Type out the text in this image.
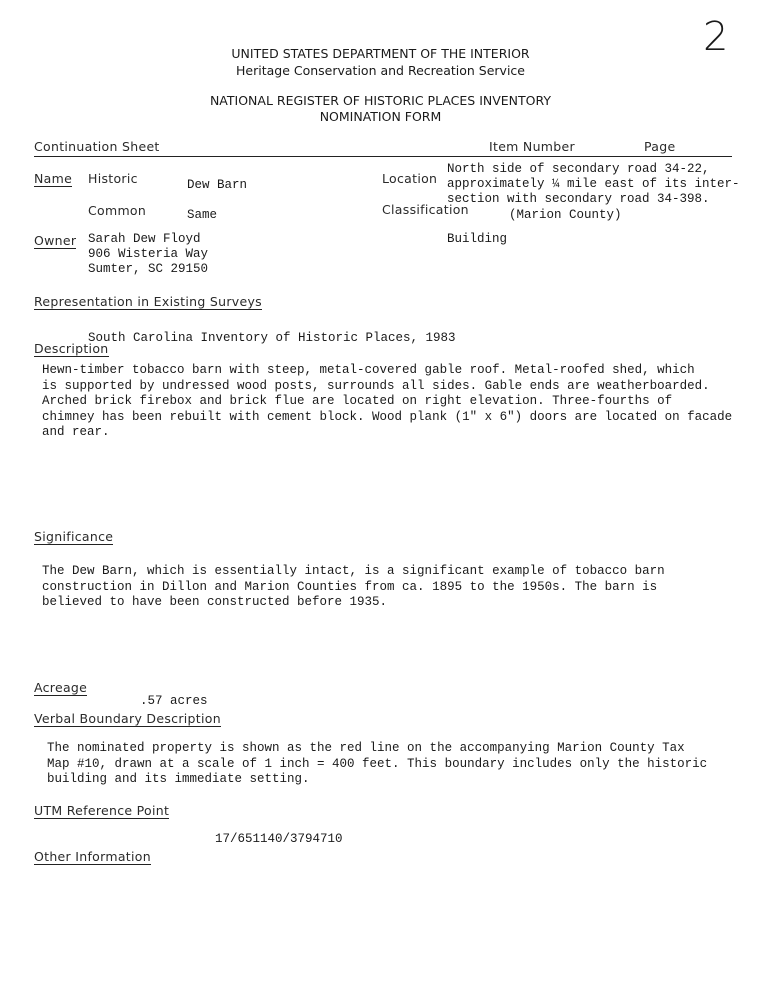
2
UNITED STATES DEPARTMENT OF THE INTERIOR
Heritage Conservation and Recreation Service
NATIONAL REGISTER OF HISTORIC PLACES INVENTORY
NOMINATION FORM
Continuation Sheet	Item Number	Page
Name Historic	Dew Barn
Common	Same
Location
North side of secondary road 34-22,
approximately ¼ mile east of its inter-
section with secondary road 34-398.
(Marion County)
Classification
Building
Owner Sarah Dew Floyd
906 Wisteria Way
Sumter, SC 29150
Representation in Existing Surveys
South Carolina Inventory of Historic Places, 1983
Description
Hewn-timber tobacco barn with steep, metal-covered gable roof. Metal-roofed shed, which
is supported by undressed wood posts, surrounds all sides. Gable ends are weatherboarded.
Arched brick firebox and brick flue are located on right elevation. Three-fourths of
chimney has been rebuilt with cement block. Wood plank (1" x 6") doors are located on facade
and rear.
Significance
The Dew Barn, which is essentially intact, is a significant example of tobacco barn
construction in Dillon and Marion Counties from ca. 1895 to the 1950s. The barn is
believed to have been constructed before 1935.
Acreage
.57 acres
Verbal Boundary Description
The nominated property is shown as the red line on the accompanying Marion County Tax
Map #10, drawn at a scale of 1 inch = 400 feet. This boundary includes only the historic
building and its immediate setting.
UTM Reference Point
17/651140/3794710
Other Information
